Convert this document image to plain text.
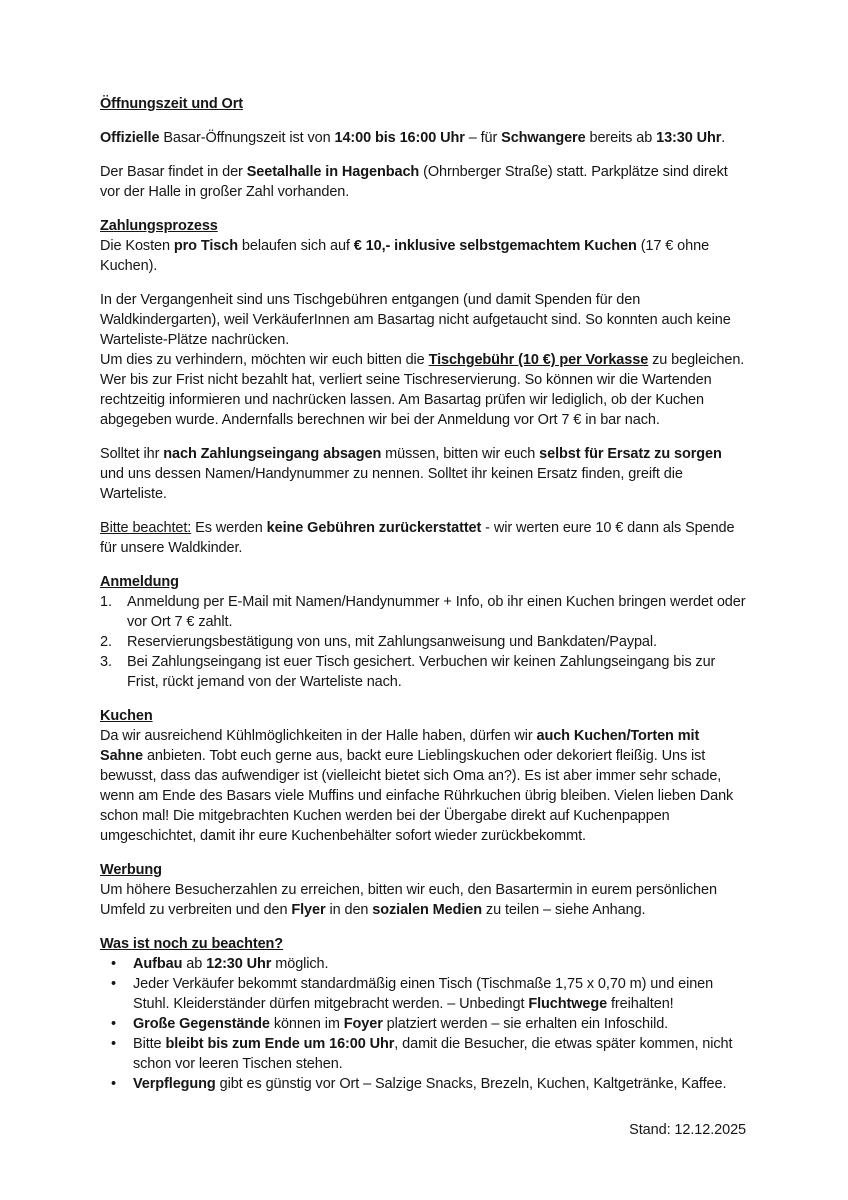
Öffnungszeit und Ort
Offizielle Basar-Öffnungszeit ist von 14:00 bis 16:00 Uhr – für Schwangere bereits ab 13:30 Uhr.
Der Basar findet in der Seetalhalle in Hagenbach (Ohrnberger Straße) statt. Parkplätze sind direkt vor der Halle in großer Zahl vorhanden.
Zahlungsprozess
Die Kosten pro Tisch belaufen sich auf € 10,- inklusive selbstgemachtem Kuchen (17 € ohne Kuchen).
In der Vergangenheit sind uns Tischgebühren entgangen (und damit Spenden für den Waldkindergarten), weil VerkäuferInnen am Basartag nicht aufgetaucht sind. So konnten auch keine Warteliste-Plätze nachrücken.
Um dies zu verhindern, möchten wir euch bitten die Tischgebühr (10 €) per Vorkasse zu begleichen. Wer bis zur Frist nicht bezahlt hat, verliert seine Tischreservierung. So können wir die Wartenden rechtzeitig informieren und nachrücken lassen. Am Basartag prüfen wir lediglich, ob der Kuchen abgegeben wurde. Andernfalls berechnen wir bei der Anmeldung vor Ort 7 € in bar nach.
Solltet ihr nach Zahlungseingang absagen müssen, bitten wir euch selbst für Ersatz zu sorgen und uns dessen Namen/Handynummer zu nennen. Solltet ihr keinen Ersatz finden, greift die Warteliste.
Bitte beachtet: Es werden keine Gebühren zurückerstattet - wir werten eure 10 € dann als Spende für unsere Waldkinder.
Anmeldung
1.	Anmeldung per E-Mail mit Namen/Handynummer + Info, ob ihr einen Kuchen bringen werdet oder vor Ort 7 € zahlt.
2.	Reservierungsbestätigung von uns, mit Zahlungsanweisung und Bankdaten/Paypal.
3.	Bei Zahlungseingang ist euer Tisch gesichert. Verbuchen wir keinen Zahlungseingang bis zur Frist, rückt jemand von der Warteliste nach.
Kuchen
Da wir ausreichend Kühlmöglichkeiten in der Halle haben, dürfen wir auch Kuchen/Torten mit Sahne anbieten. Tobt euch gerne aus, backt eure Lieblingskuchen oder dekoriert fleißig. Uns ist bewusst, dass das aufwendiger ist (vielleicht bietet sich Oma an?). Es ist aber immer sehr schade, wenn am Ende des Basars viele Muffins und einfache Rührkuchen übrig bleiben. Vielen lieben Dank schon mal! Die mitgebrachten Kuchen werden bei der Übergabe direkt auf Kuchenpappen umgeschichtet, damit ihr eure Kuchenbehälter sofort wieder zurückbekommt.
Werbung
Um höhere Besucherzahlen zu erreichen, bitten wir euch, den Basartermin in eurem persönlichen Umfeld zu verbreiten und den Flyer in den sozialen Medien zu teilen – siehe Anhang.
Was ist noch zu beachten?
•	Aufbau ab 12:30 Uhr möglich.
•	Jeder Verkäufer bekommt standardmäßig einen Tisch (Tischmaße 1,75 x 0,70 m) und einen Stuhl. Kleiderständer dürfen mitgebracht werden. – Unbedingt Fluchtwege freihalten!
•	Große Gegenstände können im Foyer platziert werden – sie erhalten ein Infoschild.
•	Bitte bleibt bis zum Ende um 16:00 Uhr, damit die Besucher, die etwas später kommen, nicht schon vor leeren Tischen stehen.
•	Verpflegung gibt es günstig vor Ort – Salzige Snacks, Brezeln, Kuchen, Kaltgetränke, Kaffee.
Stand: 12.12.2025
